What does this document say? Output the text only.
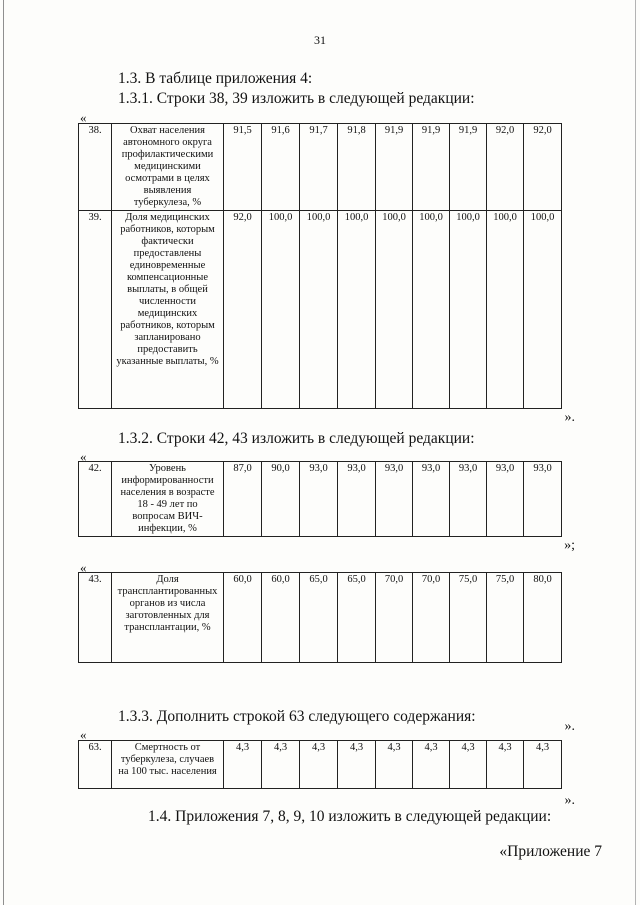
31
1.3. В таблице приложения 4:
1.3.1. Строки 38, 39 изложить в следующей редакции:
«
38.	Охват населения автономного округа профилактическими медицинскими осмотрами в целях выявления туберкулеза, %	91,5	91,6	91,7	91,8	91,9	91,9	91,9	92,0	92,0
39.	Доля медицинских работников, которым фактически предоставлены единовременные компенсационные выплаты, в общей численности медицинских работников, которым запланировано предоставить указанные выплаты, %	92,0	100,0	100,0	100,0	100,0	100,0	100,0	100,0	100,0
».
1.3.2. Строки 42, 43 изложить в следующей редакции:
«
42.	Уровень информированности населения в возрасте 18 - 49 лет по вопросам ВИЧ-инфекции, %	87,0	90,0	93,0	93,0	93,0	93,0	93,0	93,0	93,0
»;
«
43.	Доля трансплантированных органов из числа заготовленных для трансплантации, %	60,0	60,0	65,0	65,0	70,0	70,0	75,0	75,0	80,0
».
1.3.3. Дополнить строкой 63 следующего содержания:
«
63.	Смертность от туберкулеза, случаев на 100 тыс. населения	4,3	4,3	4,3	4,3	4,3	4,3	4,3	4,3	4,3
».
1.4. Приложения 7, 8, 9, 10 изложить в следующей редакции:
«Приложение 7
